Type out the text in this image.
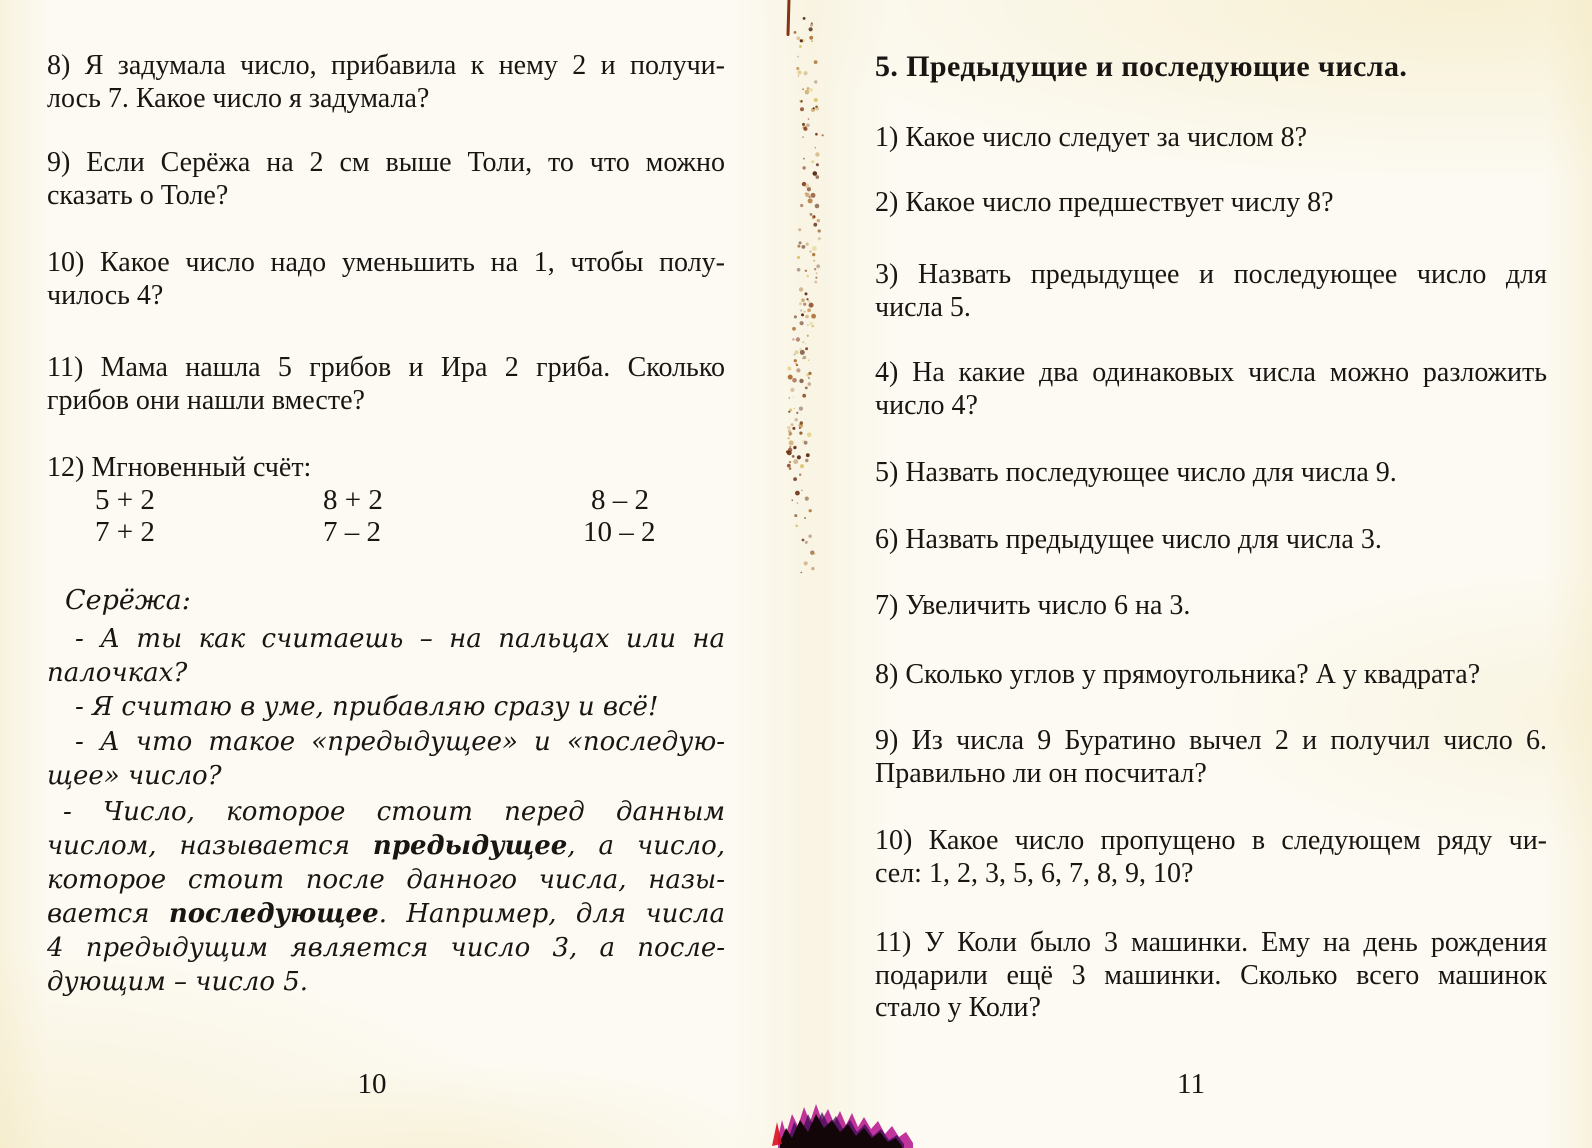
8) Я задумала число, прибавила к нему 2 и получи-
лось 7. Какое число я задумала?
9) Если Серёжа на 2 см выше Толи, то что можно
сказать о Толе?
10) Какое число надо уменьшить на 1, чтобы полу-
чилось 4?
11) Мама нашла 5 грибов и Ира 2 гриба. Сколько
грибов они нашли вместе?
12) Мгновенный счёт:
5 + 2	8 + 2	8 – 2
7 + 2	7 – 2	10 – 2
Серёжа:
- А ты как считаешь – на пальцах или на
палочках?
- Я считаю в уме, прибавляю сразу и всё!
- А что такое «предыдущее» и «последую-
щее» число?
- Число, которое стоит перед данным
числом, называется предыдущее, а число,
которое стоит после данного числа, назы-
вается последующее. Например, для числа
4 предыдущим является число 3, а после-
дующим – число 5.
10
5. Предыдущие и последующие числа.
1) Какое число следует за числом 8?
2) Какое число предшествует числу 8?
3) Назвать предыдущее и последующее число для
числа 5.
4) На какие два одинаковых числа можно разложить
число 4?
5) Назвать последующее число для числа 9.
6) Назвать предыдущее число для числа 3.
7) Увеличить число 6 на 3.
8) Сколько углов у прямоугольника? А у квадрата?
9) Из числа 9 Буратино вычел 2 и получил число 6.
Правильно ли он посчитал?
10) Какое число пропущено в следующем ряду чи-
сел: 1, 2, 3, 5, 6, 7, 8, 9, 10?
11) У Коли было 3 машинки. Ему на день рождения
подарили ещё 3 машинки. Сколько всего машинок
стало у Коли?
11
